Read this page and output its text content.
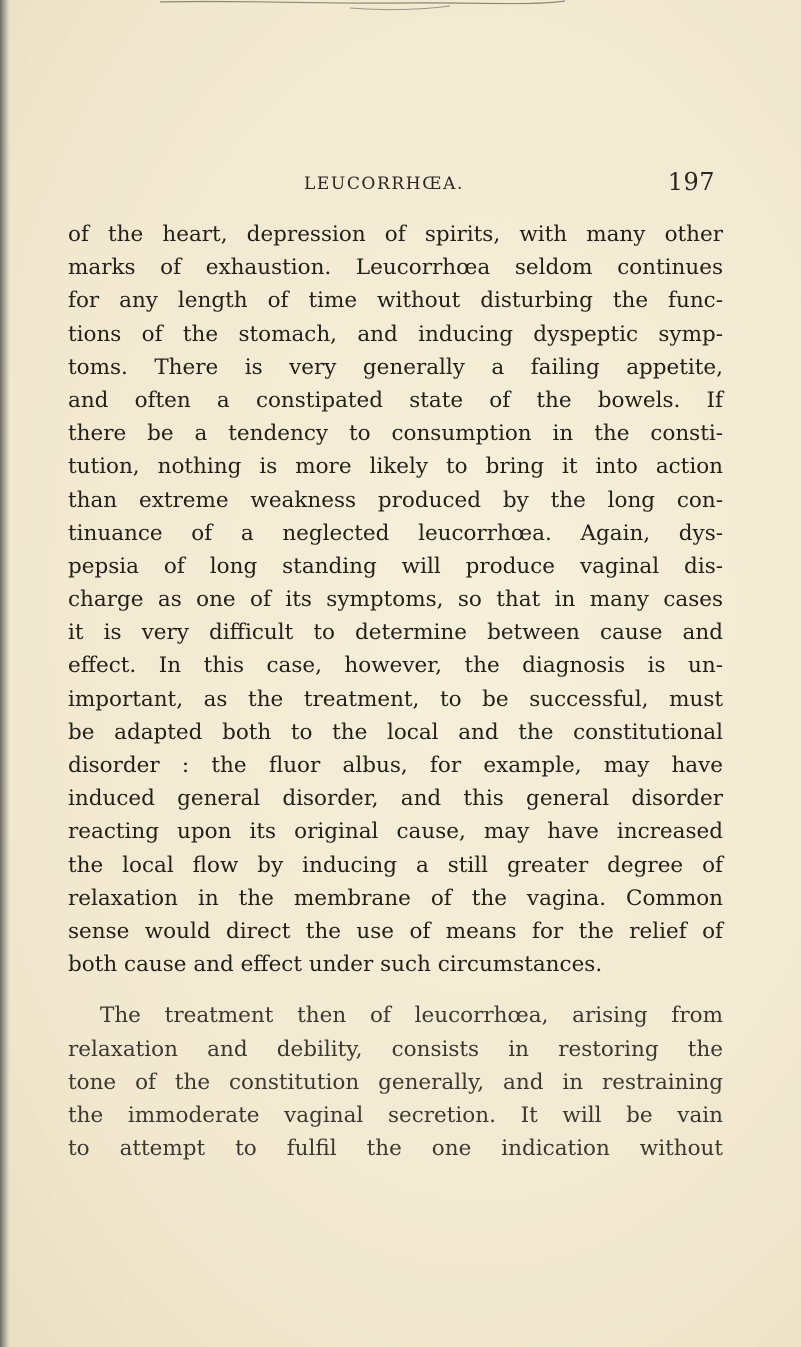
LEUCORRHŒA.	197
of the heart, depression of spirits, with many other
marks of exhaustion. Leucorrhœa seldom continues
for any length of time without disturbing the func-
tions of the stomach, and inducing dyspeptic symp-
toms. There is very generally a failing appetite,
and often a constipated state of the bowels. If
there be a tendency to consumption in the consti-
tution, nothing is more likely to bring it into action
than extreme weakness produced by the long con-
tinuance of a neglected leucorrhœa. Again, dys-
pepsia of long standing will produce vaginal dis-
charge as one of its symptoms, so that in many cases
it is very difficult to determine between cause and
effect. In this case, however, the diagnosis is un-
important, as the treatment, to be successful, must
be adapted both to the local and the constitutional
disorder : the fluor albus, for example, may have
induced general disorder, and this general disorder
reacting upon its original cause, may have increased
the local flow by inducing a still greater degree of
relaxation in the membrane of the vagina. Common
sense would direct the use of means for the relief of
both cause and effect under such circumstances.
The treatment then of leucorrhœa, arising from
relaxation and debility, consists in restoring the
tone of the constitution generally, and in restraining
the immoderate vaginal secretion. It will be vain
to attempt to fulfil the one indication without
